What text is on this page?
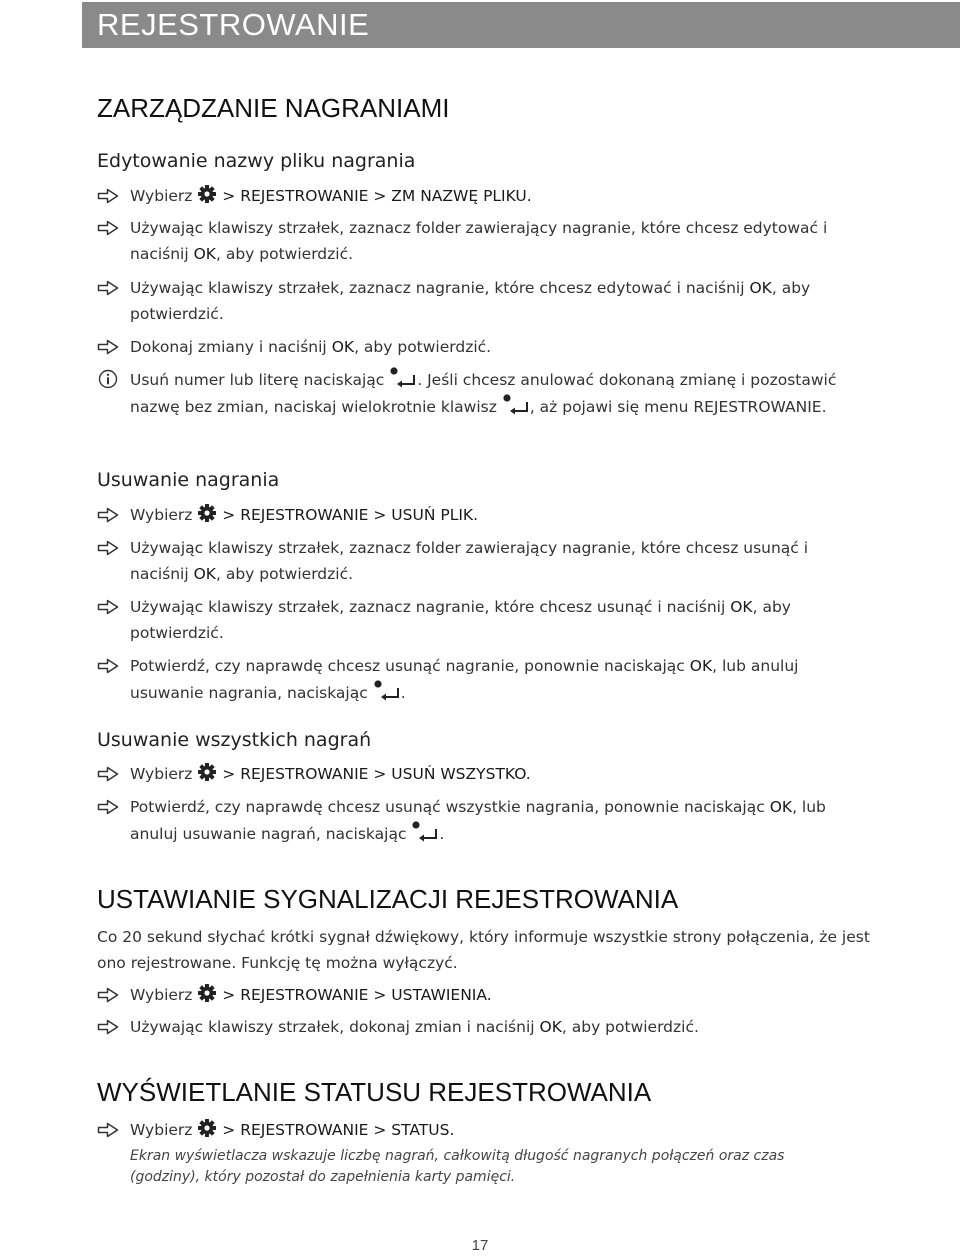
REJESTROWANIE
ZARZĄDZANIE NAGRANIAMI
Edytowanie nazwy pliku nagrania
Wybierz > REJESTROWANIE > ZM NAZWĘ PLIKU.
Używając klawiszy strzałek, zaznacz folder zawierający nagranie, które chcesz edytować i naciśnij OK, aby potwierdzić.
Używając klawiszy strzałek, zaznacz nagranie, które chcesz edytować i naciśnij OK, aby potwierdzić.
Dokonaj zmiany i naciśnij OK, aby potwierdzić.
Usuń numer lub literę naciskając . Jeśli chcesz anulować dokonaną zmianę i pozostawić nazwę bez zmian, naciskaj wielokrotnie klawisz , aż pojawi się menu REJESTROWANIE.
Usuwanie nagrania
Wybierz > REJESTROWANIE > USUŃ PLIK.
Używając klawiszy strzałek, zaznacz folder zawierający nagranie, które chcesz usunąć i naciśnij OK, aby potwierdzić.
Używając klawiszy strzałek, zaznacz nagranie, które chcesz usunąć i naciśnij OK, aby potwierdzić.
Potwierdź, czy naprawdę chcesz usunąć nagranie, ponownie naciskając OK, lub anuluj usuwanie nagrania, naciskając .
Usuwanie wszystkich nagrań
Wybierz > REJESTROWANIE > USUŃ WSZYSTKO.
Potwierdź, czy naprawdę chcesz usunąć wszystkie nagrania, ponownie naciskając OK, lub anuluj usuwanie nagrań, naciskając .
USTAWIANIE SYGNALIZACJI REJESTROWANIA

Co 20 sekund słychać krótki sygnał dźwiękowy, który informuje wszystkie strony połączenia, że jest ono rejestrowane. Funkcję tę można wyłączyć.

Wybierz > REJESTROWANIE > USTAWIENIA.
Używając klawiszy strzałek, dokonaj zmian i naciśnij OK, aby potwierdzić.
WYŚWIETLANIE STATUSU REJESTROWANIA
Wybierz > REJESTROWANIE > STATUS.

Ekran wyświetlacza wskazuje liczbę nagrań, całkowitą długość nagranych połączeń oraz czas (godziny), który pozostał do zapełnienia karty pamięci.

17
